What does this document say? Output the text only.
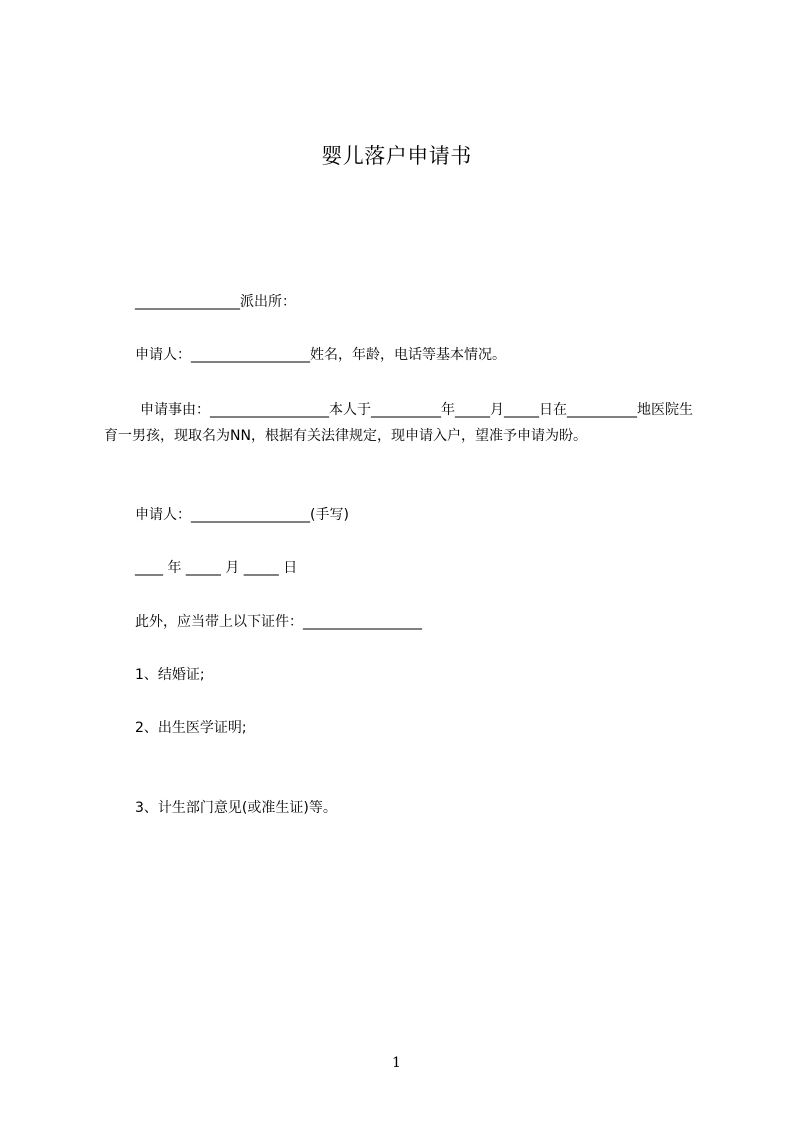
婴儿落户申请书
_______________派出所：
申请人：_________________姓名，年龄，电话等基本情况。
申请事由：_________________本人于__________年_____月_____日在__________地医院生育一男孩，现取名为NN，根据有关法律规定，现申请入户，望准予申请为盼。
申请人：_________________(手写)
____ 年 _____ 月 _____ 日
此外，应当带上以下证件：_________________
1、结婚证;
2、出生医学证明;
3、计生部门意见(或准生证)等。
1
